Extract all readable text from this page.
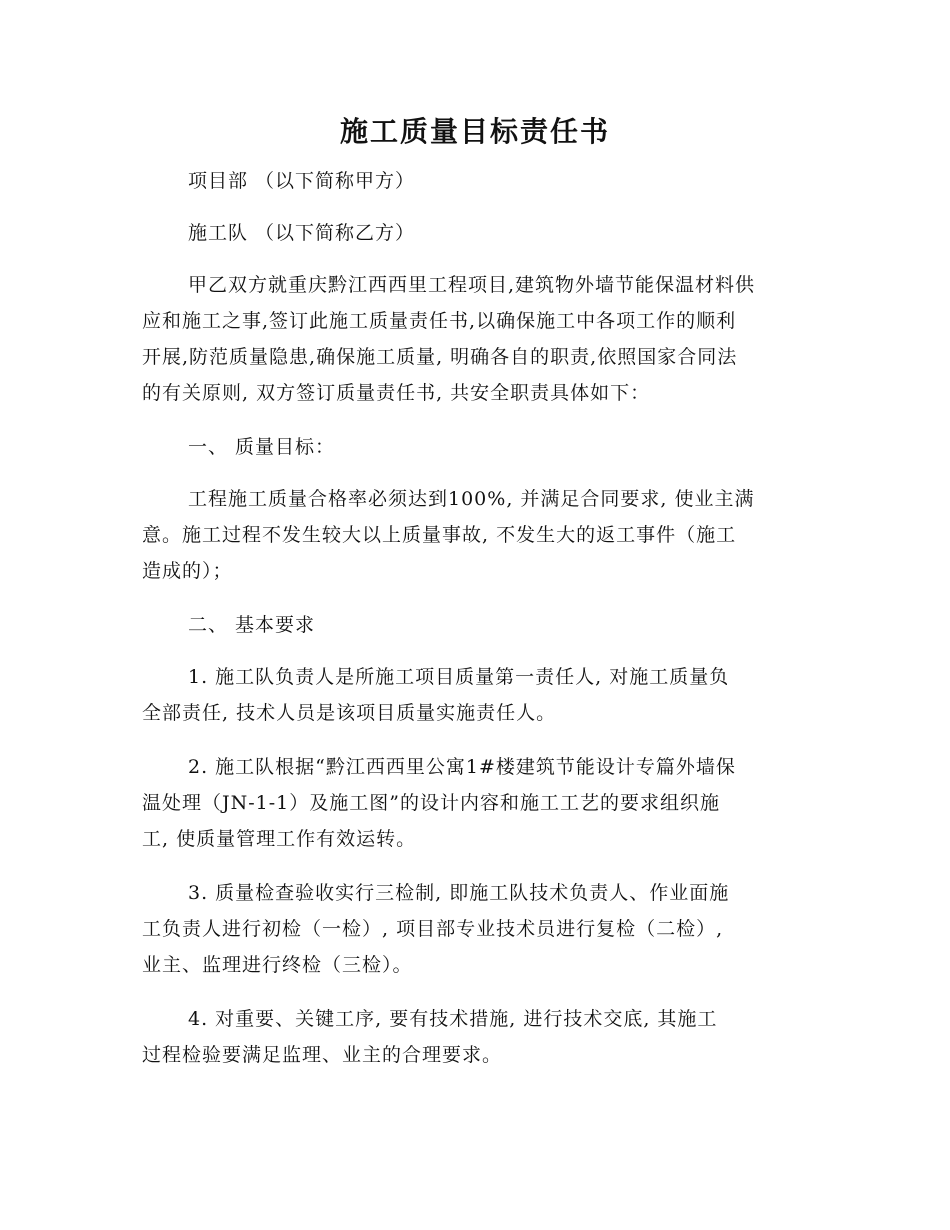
施工质量目标责任书
项目部 （以下简称甲方）
施工队 （以下简称乙方）
甲乙双方就重庆黔江西西里工程项目,建筑物外墙节能保温材料供
应和施工之事,签订此施工质量责任书,以确保施工中各项工作的顺利
开展,防范质量隐患,确保施工质量, 明确各自的职责,依照国家合同法
的有关原则, 双方签订质量责任书, 共安全职责具体如下：
一、 质量目标：
工程施工质量合格率必须达到100%, 并满足合同要求, 使业主满
意。施工过程不发生较大以上质量事故, 不发生大的返工事件（施工
造成的）；
二、 基本要求
1. 施工队负责人是所施工项目质量第一责任人, 对施工质量负
全部责任, 技术人员是该项目质量实施责任人。
2. 施工队根据“黔江西西里公寓1#楼建筑节能设计专篇外墙保
温处理（JN-1-1）及施工图”的设计内容和施工工艺的要求组织施
工, 使质量管理工作有效运转。
3. 质量检查验收实行三检制, 即施工队技术负责人、作业面施
工负责人进行初检（一检）, 项目部专业技术员进行复检（二检）,
业主、监理进行终检（三检）。
4. 对重要、关键工序, 要有技术措施, 进行技术交底, 其施工
过程检验要满足监理、业主的合理要求。
